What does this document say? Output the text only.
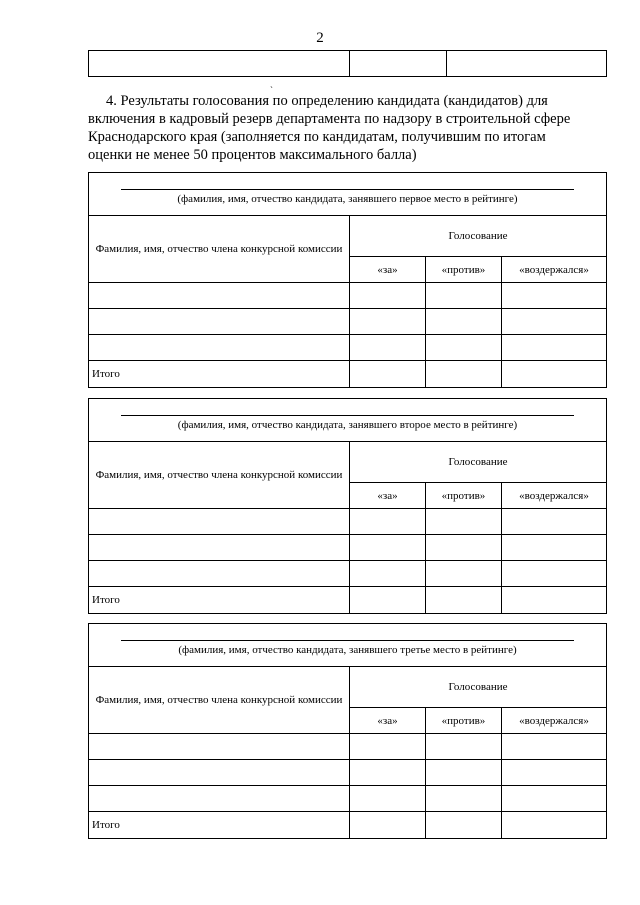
2

ˋ
4. Результаты голосования по определению кандидата (кандидатов) для
включения в кадровый резерв департамента по надзору в строительной сфере
Краснодарского края (заполняется по кандидатам, получившим по итогам
оценки не менее 50 процентов максимального балла)
(фамилия, имя, отчество кандидата, занявшего первое место в рейтинге)			

Фамилия, имя, отчество члена конкурсной комиссии	Голосование		
	«за»	«против»	«воздержался»

Итого			
(фамилия, имя, отчество кандидата, занявшего второе место в рейтинге)			

Фамилия, имя, отчество члена конкурсной комиссии	Голосование		
	«за»	«против»	«воздержался»

Итого			
(фамилия, имя, отчество кандидата, занявшего третье место в рейтинге)			

Фамилия, имя, отчество члена конкурсной комиссии	Голосование		
	«за»	«против»	«воздержался»

Итого			
